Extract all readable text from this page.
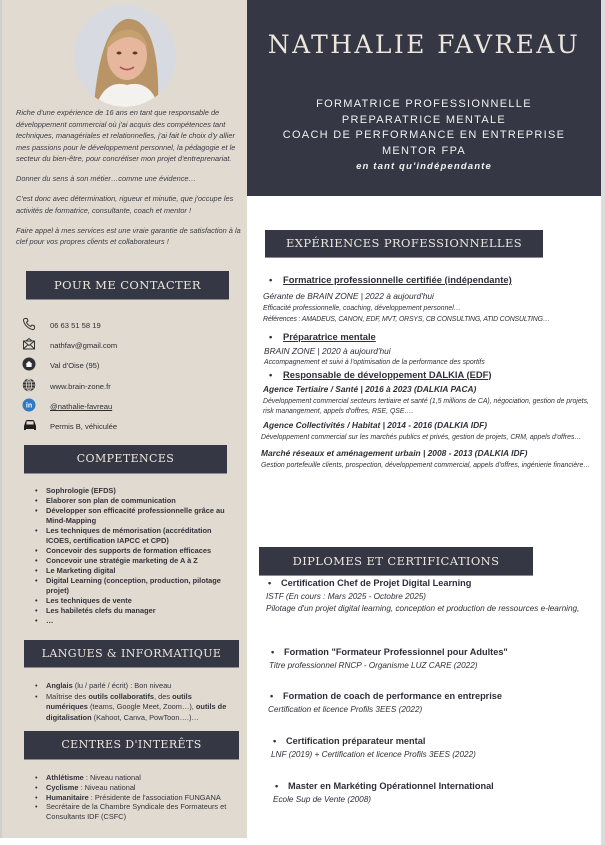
Riche d'une expérience de 16 ans en tant que responsable de développement commercial où j'ai acquis des compétences tant techniques, managériales et relationnelles, j'ai fait le choix d'y allier mes passions pour le développement personnel, la pédagogie et le secteur du bien-être, pour concrétiser mon projet d'entreprenariat.

Donner du sens à son métier…comme une évidence…

C'est donc avec détermination, rigueur et minutie, que j'occupe les activités de formatrice, consultante, coach et mentor !

Faire appel à mes services est une vraie garantie de satisfaction à la clef pour vos propres clients et collaborateurs !

POUR ME CONTACTER
06 63 51 58 19
nathfav@gmail.com
Val d'Oise (95)
www.brain-zone.fr
in @nathalie-favreau
Permis B, véhiculée
COMPETENCES
• Sophrologie (EFDS)
• Elaborer son plan de communication
• Développer son efficacité professionnelle grâce au Mind-Mapping
• Les techniques de mémorisation (accréditation ICOES, certification IAPCC et CPD)
• Concevoir des supports de formation efficaces
• Concevoir une stratégie marketing de A à Z
• Le Marketing digital
• Digital Learning (conception, production, pilotage projet)
• Les techniques de vente
• Les habiletés clefs du manager
• …
LANGUES & INFORMATIQUE
• Anglais (lu / parlé / écrit) : Bon niveau
• Maîtrise des outils collaboratifs, des outils numériques (teams, Google Meet, Zoom…), outils de digitalisation (Kahoot, Canva, PowToon….)…
CENTRES D'INTERÊTS
• Athlétisme : Niveau national
• Cyclisme : Niveau national
• Humanitaire : Présidente de l'association FUNGANA
• Secrétaire de la Chambre Syndicale des Formateurs et Consultants IDF (CSFC)
NATHALIE FAVREAU
FORMATRICE PROFESSIONNELLE
PREPARATRICE MENTALE
COACH DE PERFORMANCE EN ENTREPRISE
MENTOR FPA
en tant qu'indépendante
EXPÉRIENCES PROFESSIONNELLES
• Formatrice professionnelle certifiée (indépendante)
Gérante de BRAIN ZONE | 2022 à aujourd'hui
Efficacité professionnelle, coaching, développement personnel…
Références : AMADEUS, CANON, EDF, MVT, ORSYS, CB CONSULTING, ATID CONSULTING…
• Préparatrice mentale
BRAIN ZONE | 2020 à aujourd'hui
Accompagnement et suivi à l'optimisation de la performance des sportifs
• Responsable de développement DALKIA (EDF)
Agence Tertiaire / Santé | 2016 à 2023 (DALKIA PACA)
Développement commercial secteurs tertiaire et santé (1,5 millions de CA), négociation, gestion de projets, risk manangement, appels d'offres, RSE, QSE….
Agence Collectivités / Habitat | 2014 - 2016 (DALKIA IDF)
Développement commercial sur les marchés publics et privés, gestion de projets, CRM, appels d'offres…
Marché réseaux et aménagement urbain | 2008 - 2013 (DALKIA IDF)
Gestion portefeuille clients, prospection, développement commercial, appels d'offres, ingénierie financière…
DIPLOMES ET CERTIFICATIONS
• Certification Chef de Projet Digital Learning
ISTF (En cours : Mars 2025 - Octobre 2025)
Pilotage d'un projet digital learning, conception et production de ressources e-learning,
• Formation "Formateur Professionnel pour Adultes"
Titre professionnel RNCP - Organisme LUZ CARE (2022)
• Formation de coach de performance en entreprise
Certification et licence Profils 3EES (2022)
• Certification préparateur mental
LNF (2019) + Certification et licence Profils 3EES (2022)
• Master en Markéting Opérationnel International
Ecole Sup de Vente (2008)
